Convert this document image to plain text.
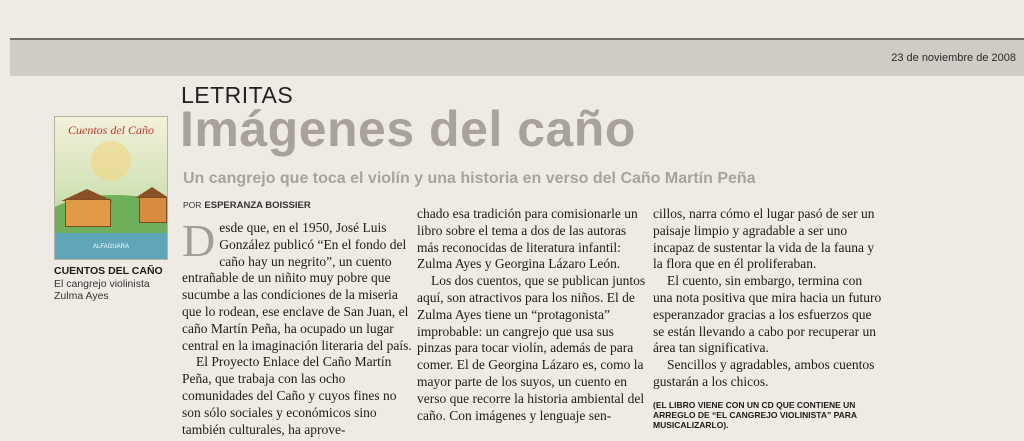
23 de noviembre de 2008
LETRITAS
Imágenes del caño
Un cangrejo que toca el violín y una historia en verso del Caño Martín Peña
POR ESPERANZA BOISSIER
Cuentos del Caño
ALFAGUARA
CUENTOS DEL CAÑO
El cangrejo violinista
Zulma Ayes

Desde que, en el 1950, José Luis González publicó “En el fondo del caño hay un negrito”, un cuento entrañable de un niñito muy pobre que sucumbe a las condiciones de la miseria que lo rodean, ese enclave de San Juan, el caño Martín Peña, ha ocupado un lugar central en la imaginación literaria del país.

El Proyecto Enlace del Caño Martín Peña, que trabaja con las ocho comunidades del Caño y cuyos fines no son sólo sociales y económicos sino también culturales, ha aprove-

chado esa tradición para comisionarle un libro sobre el tema a dos de las autoras más reconocidas de literatura infantil: Zulma Ayes y Georgina Lázaro León.

Los dos cuentos, que se publican juntos aquí, son atractivos para los niños. El de Zulma Ayes tiene un “protagonista” improbable: un cangrejo que usa sus pinzas para tocar violín, además de para comer. El de Georgina Lázaro es, como la mayor parte de los suyos, un cuento en verso que recorre la historia ambiental del caño. Con imágenes y lenguaje sen-

cillos, narra cómo el lugar pasó de ser un paisaje limpio y agradable a ser uno incapaz de sustentar la vida de la fauna y la flora que en él proliferaban.

El cuento, sin embargo, termina con una nota positiva que mira hacia un futuro esperanzador gracias a los esfuerzos que se están llevando a cabo por recuperar un área tan significativa.

Sencillos y agradables, ambos cuentos gustarán a los chicos.

(EL LIBRO VIENE CON UN CD QUE CONTIENE UN ARREGLO DE “EL CANGREJO VIOLINISTA” PARA MUSICALIZARLO).
